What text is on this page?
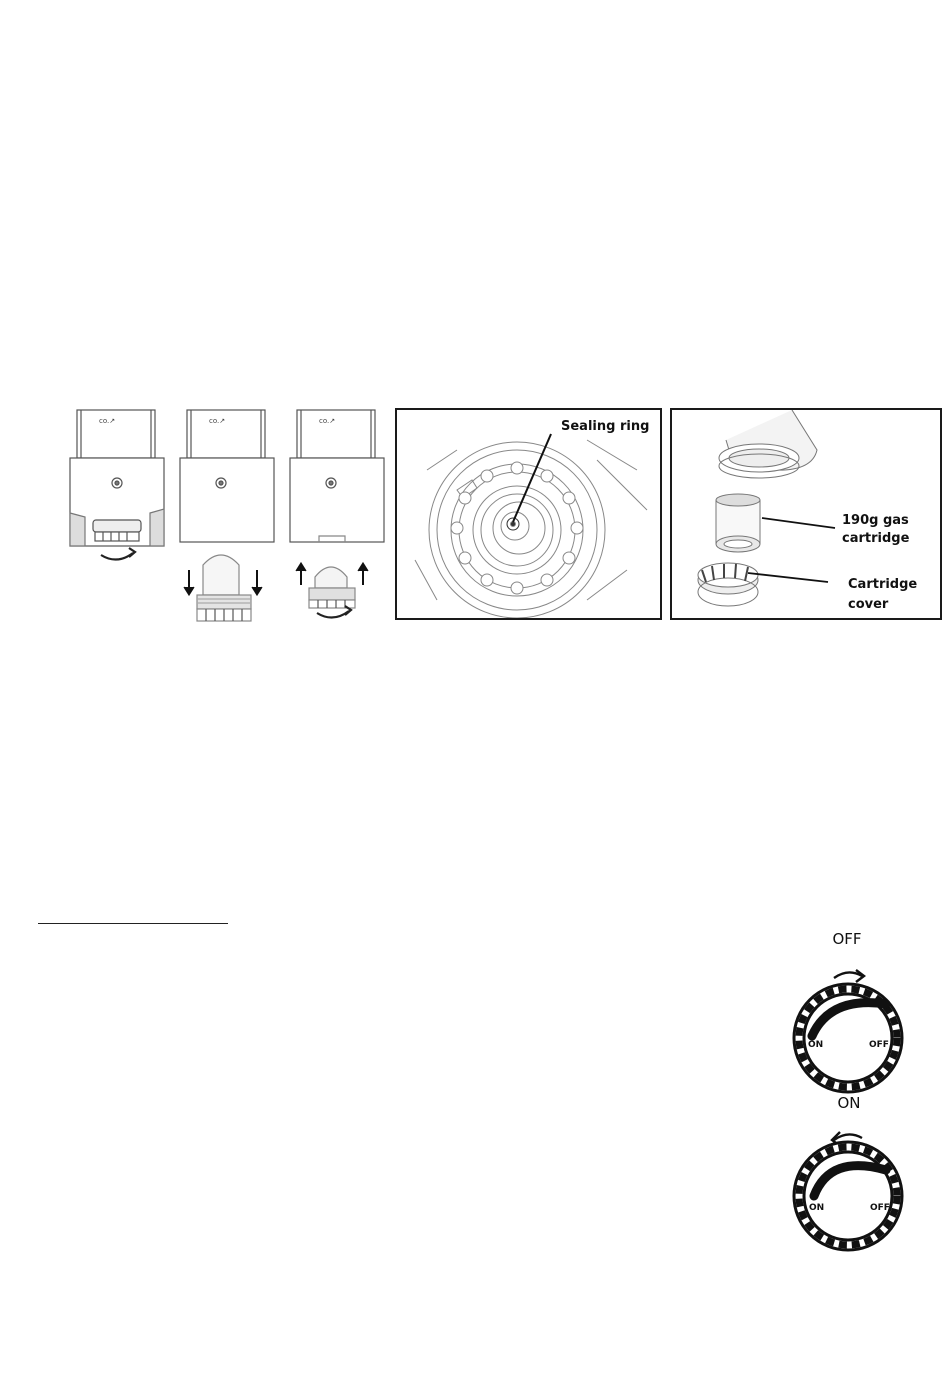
co.↗	co.↗	co.↗	Sealing ring
190g gas
cartridge
Cartridge
cover
OFF
ON	OFF
ON
ON	OFF
